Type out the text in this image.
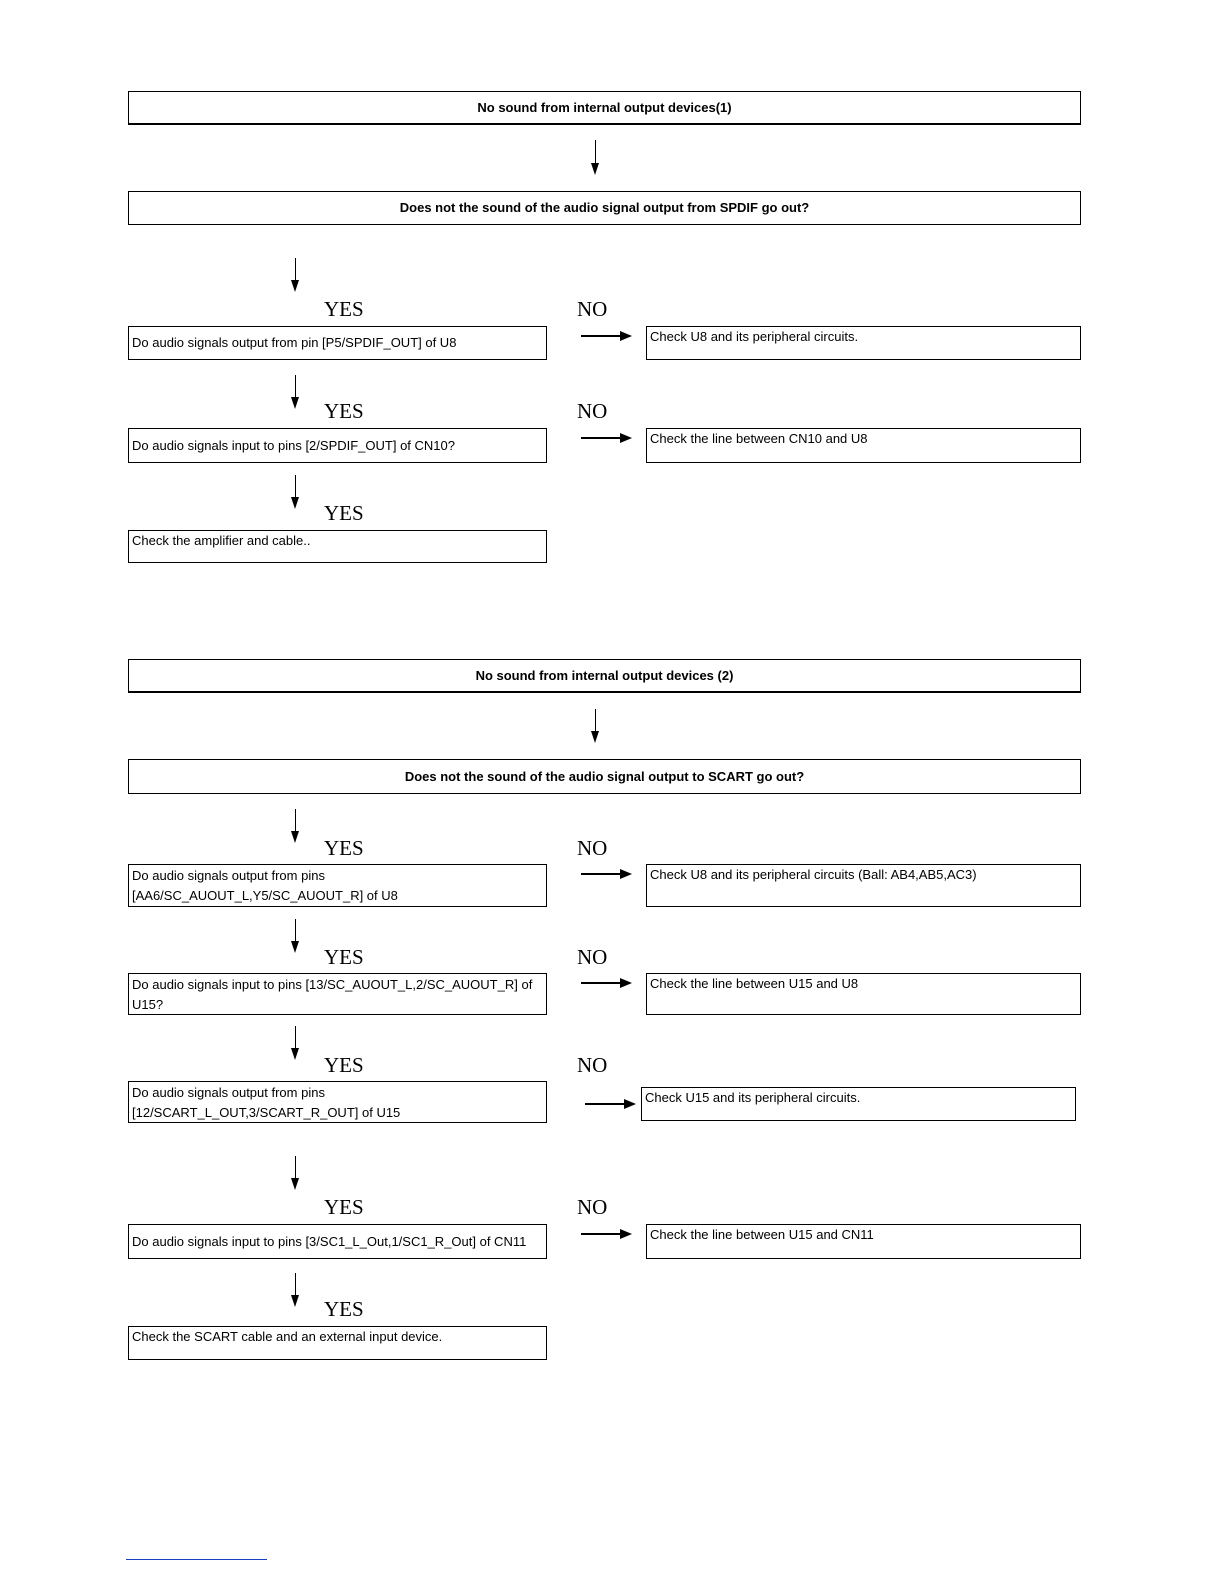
No sound from internal output devices(1)
Does not the sound of the audio signal output from SPDIF go out?
YES	NO
Do audio signals output from pin [P5/SPDIF_OUT] of U8	Check U8 and its peripheral circuits.
YES	NO
Do audio signals input to pins [2/SPDIF_OUT] of CN10?	Check the line between CN10 and U8
YES
Check the amplifier and cable..
No sound from internal output devices (2)
Does not the sound of the audio signal output to SCART go out?
YES	NO
Do audio signals output from pins
[AA6/SC_AUOUT_L,Y5/SC_AUOUT_R] of U8
Check U8 and its peripheral circuits (Ball: AB4,AB5,AC3)
YES	NO
Do audio signals input to pins [13/SC_AUOUT_L,2/SC_AUOUT_R] of
U15?
Check the line between U15 and U8
YES	NO
Do audio signals output from pins
[12/SCART_L_OUT,3/SCART_R_OUT] of U15
Check U15 and its peripheral circuits.
YES	NO
Do audio signals input to pins [3/SC1_L_Out,1/SC1_R_Out] of CN11	Check the line between U15 and CN11
YES
Check the SCART cable and an external input device.
